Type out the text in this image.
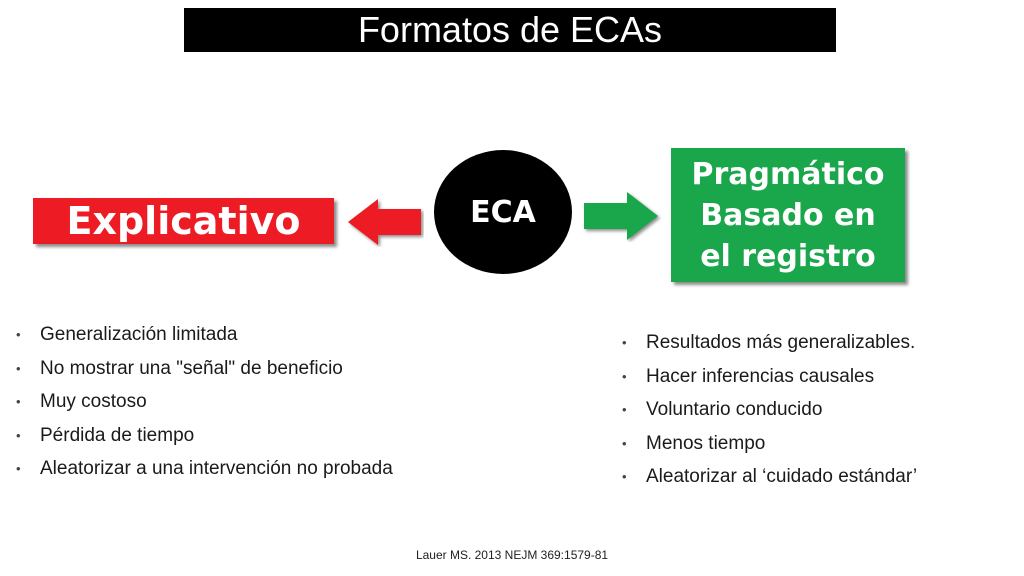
Formatos de ECAs
Explicativo	ECA
Pragmático
Basado en
el registro
• Generalización limitada
• No mostrar una "señal" de beneficio
• Muy costoso
• Pérdida de tiempo
• Aleatorizar a una intervención no probada
• Resultados más generalizables.
• Hacer inferencias causales
• Voluntario conducido
• Menos tiempo
• Aleatorizar al ‘cuidado estándar’
Lauer MS. 2013 NEJM 369:1579-81
